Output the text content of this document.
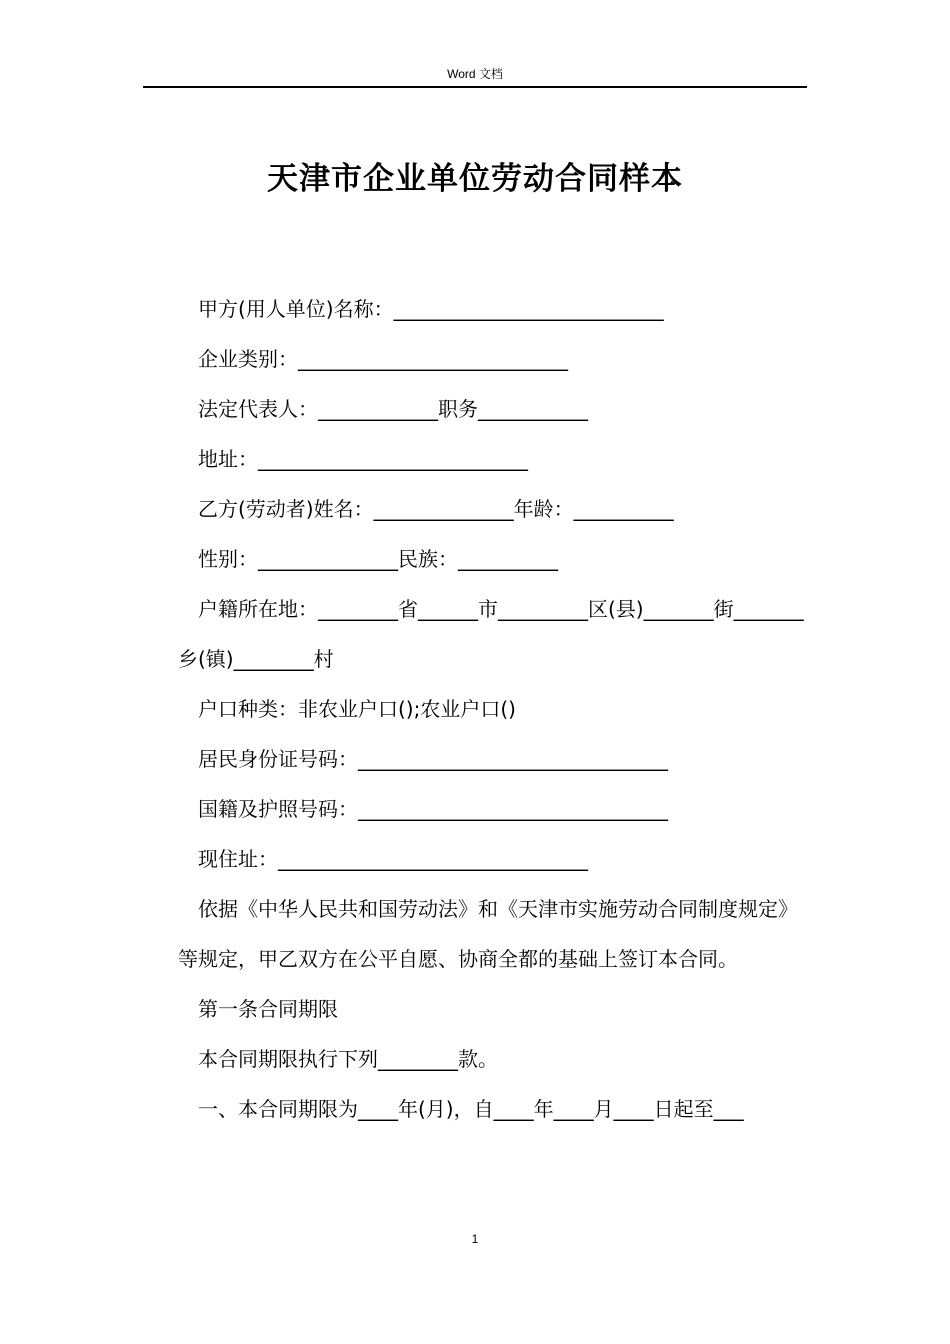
Word 文档
天津市企业单位劳动合同样本

甲方(用人单位)名称：___________________________

企业类别：___________________________

法定代表人：____________职务___________

地址：___________________________

乙方(劳动者)姓名：______________年龄：__________

性别：______________民族：__________

户籍所在地：________省______市_________区(县)_______街_______乡(镇)________村

户口种类：非农业户口();农业户口()

居民身份证号码：_______________________________

国籍及护照号码：_______________________________

现住址：_______________________________

依据《中华人民共和国劳动法》和《天津市实施劳动合同制度规定》等规定，甲乙双方在公平自愿、协商全都的基础上签订本合同。

第一条合同期限

本合同期限执行下列________款。

一、本合同期限为____年(月)，自____年____月____日起至___

1
